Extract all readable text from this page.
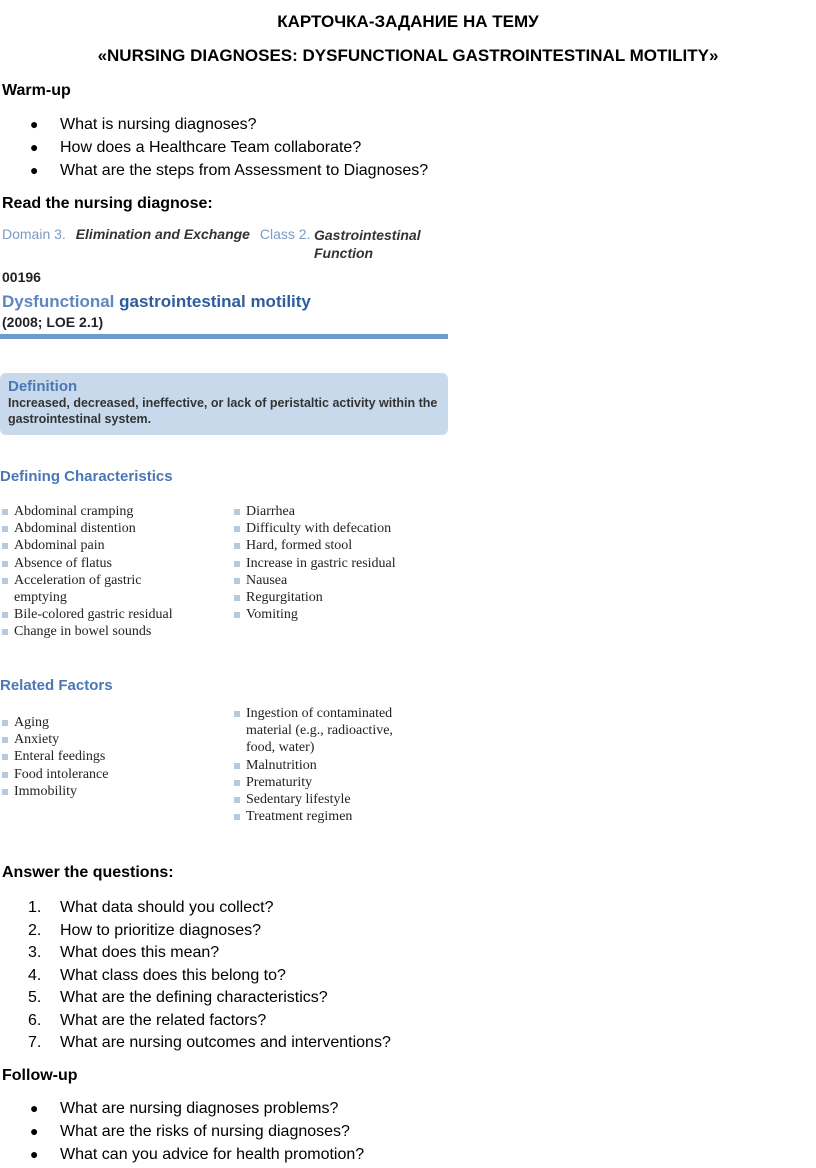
КАРТОЧКА-ЗАДАНИЕ НА ТЕМУ
«NURSING DIAGNOSES: DYSFUNCTIONAL GASTROINTESTINAL MOTILITY»
Warm-up
●	What is nursing diagnoses?
●	How does a Healthcare Team collaborate?
●	What are the steps from Assessment to Diagnoses?
Read the nursing diagnose:
Domain 3. Elimination and Exchange Class 2. Gastrointestinal
Function
00196
Dysfunctional gastrointestinal motility
(2008; LOE 2.1)
Definition
Increased, decreased, ineffective, or lack of peristaltic activity within the gastrointestinal system.
Defining Characteristics
Abdominal cramping
Abdominal distention
Abdominal pain
Absence of flatus
Acceleration of gastric emptying
Bile-colored gastric residual
Change in bowel sounds
Diarrhea
Difficulty with defecation
Hard, formed stool
Increase in gastric residual
Nausea
Regurgitation
Vomiting
Related Factors
Aging
Anxiety
Enteral feedings
Food intolerance
Immobility
Ingestion of contaminated material (e.g., radioactive, food, water)
Malnutrition
Prematurity
Sedentary lifestyle
Treatment regimen
Answer the questions:
1.	What data should you collect?
2.	How to prioritize diagnoses?
3.	What does this mean?
4.	What class does this belong to?
5.	What are the defining characteristics?
6.	What are the related factors?
7.	What are nursing outcomes and interventions?
Follow-up
●	What are nursing diagnoses problems?
●	What are the risks of nursing diagnoses?
●	What can you advice for health promotion?
